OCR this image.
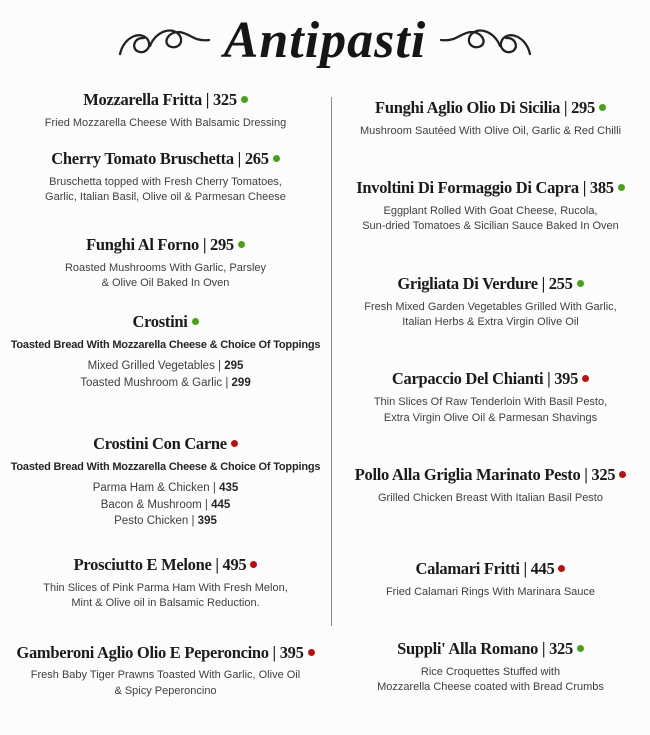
Antipasti
Mozzarella Fritta | 325
Fried Mozzarella Cheese With Balsamic Dressing
Cherry Tomato Bruschetta | 265
Bruschetta topped with Fresh Cherry Tomatoes,
Garlic, Italian Basil, Olive oil & Parmesan Cheese
Funghi Al Forno | 295
Roasted Mushrooms With Garlic, Parsley
& Olive Oil Baked In Oven
Crostini
Toasted Bread With Mozzarella Cheese & Choice Of Toppings
Mixed Grilled Vegetables | 295
Toasted Mushroom & Garlic | 299
Crostini Con Carne
Toasted Bread With Mozzarella Cheese & Choice Of Toppings
Parma Ham & Chicken | 435
Bacon & Mushroom | 445
Pesto Chicken | 395
Prosciutto E Melone | 495
Thin Slices of Pink Parma Ham With Fresh Melon,
Mint & Olive oil in Balsamic Reduction.
Gamberoni Aglio Olio E Peperoncino | 395
Fresh Baby Tiger Prawns Toasted With Garlic, Olive Oil
& Spicy Peperoncino
Funghi Aglio Olio Di Sicilia | 295
Mushroom Sautéed With Olive Oil, Garlic & Red Chilli
Involtini Di Formaggio Di Capra | 385
Eggplant Rolled With Goat Cheese, Rucola,
Sun-dried Tomatoes & Sicilian Sauce Baked In Oven
Grigliata Di Verdure | 255
Fresh Mixed Garden Vegetables Grilled With Garlic,
Italian Herbs & Extra Virgin Olive Oil
Carpaccio Del Chianti | 395
Thin Slices Of Raw Tenderloin With Basil Pesto,
Extra Virgin Olive Oil & Parmesan Shavings
Pollo Alla Griglia Marinato Pesto | 325
Grilled Chicken Breast With Italian Basil Pesto
Calamari Fritti | 445
Fried Calamari Rings With Marinara Sauce
Suppli' Alla Romano | 325
Rice Croquettes Stuffed with
Mozzarella Cheese coated with Bread Crumbs
